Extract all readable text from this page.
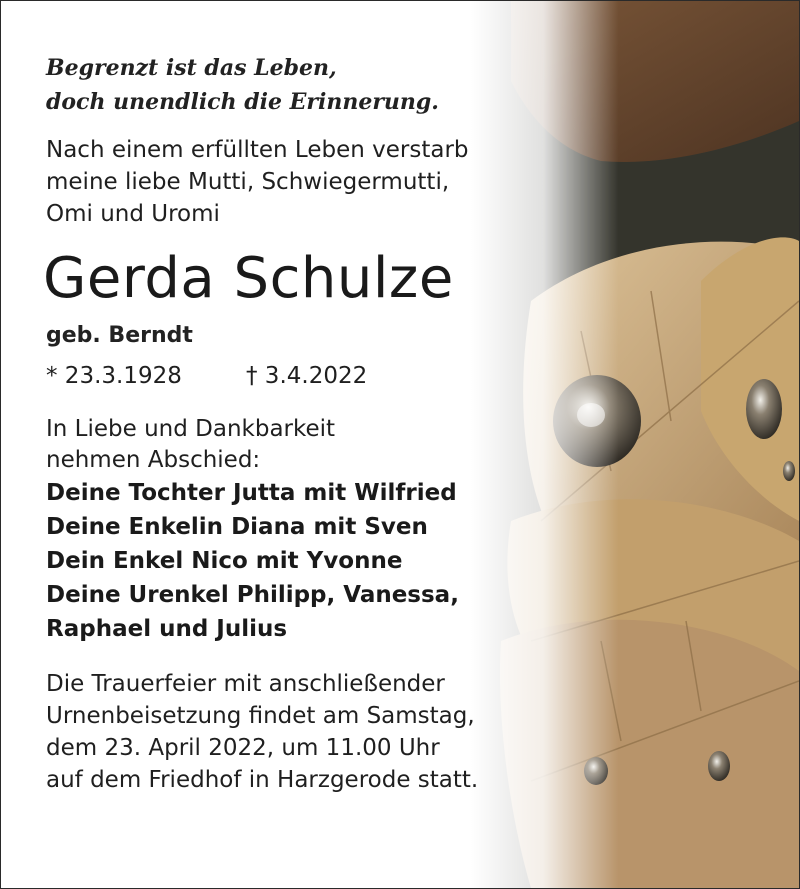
Begrenzt ist das Leben,
doch unendlich die Erinnerung.

Nach einem erfüllten Leben verstarb
meine liebe Mutti, Schwiegermutti,
Omi und Uromi

Gerda Schulze
geb. Berndt
* 23.3.1928	† 3.4.2022

In Liebe und Dankbarkeit
nehmen Abschied:

Deine Tochter Jutta mit Wilfried
Deine Enkelin Diana mit Sven
Dein Enkel Nico mit Yvonne
Deine Urenkel Philipp, Vanessa,
Raphael und Julius

Die Trauerfeier mit anschließender
Urnenbeisetzung findet am Samstag,
dem 23. April 2022, um 11.00 Uhr
auf dem Friedhof in Harzgerode statt.
